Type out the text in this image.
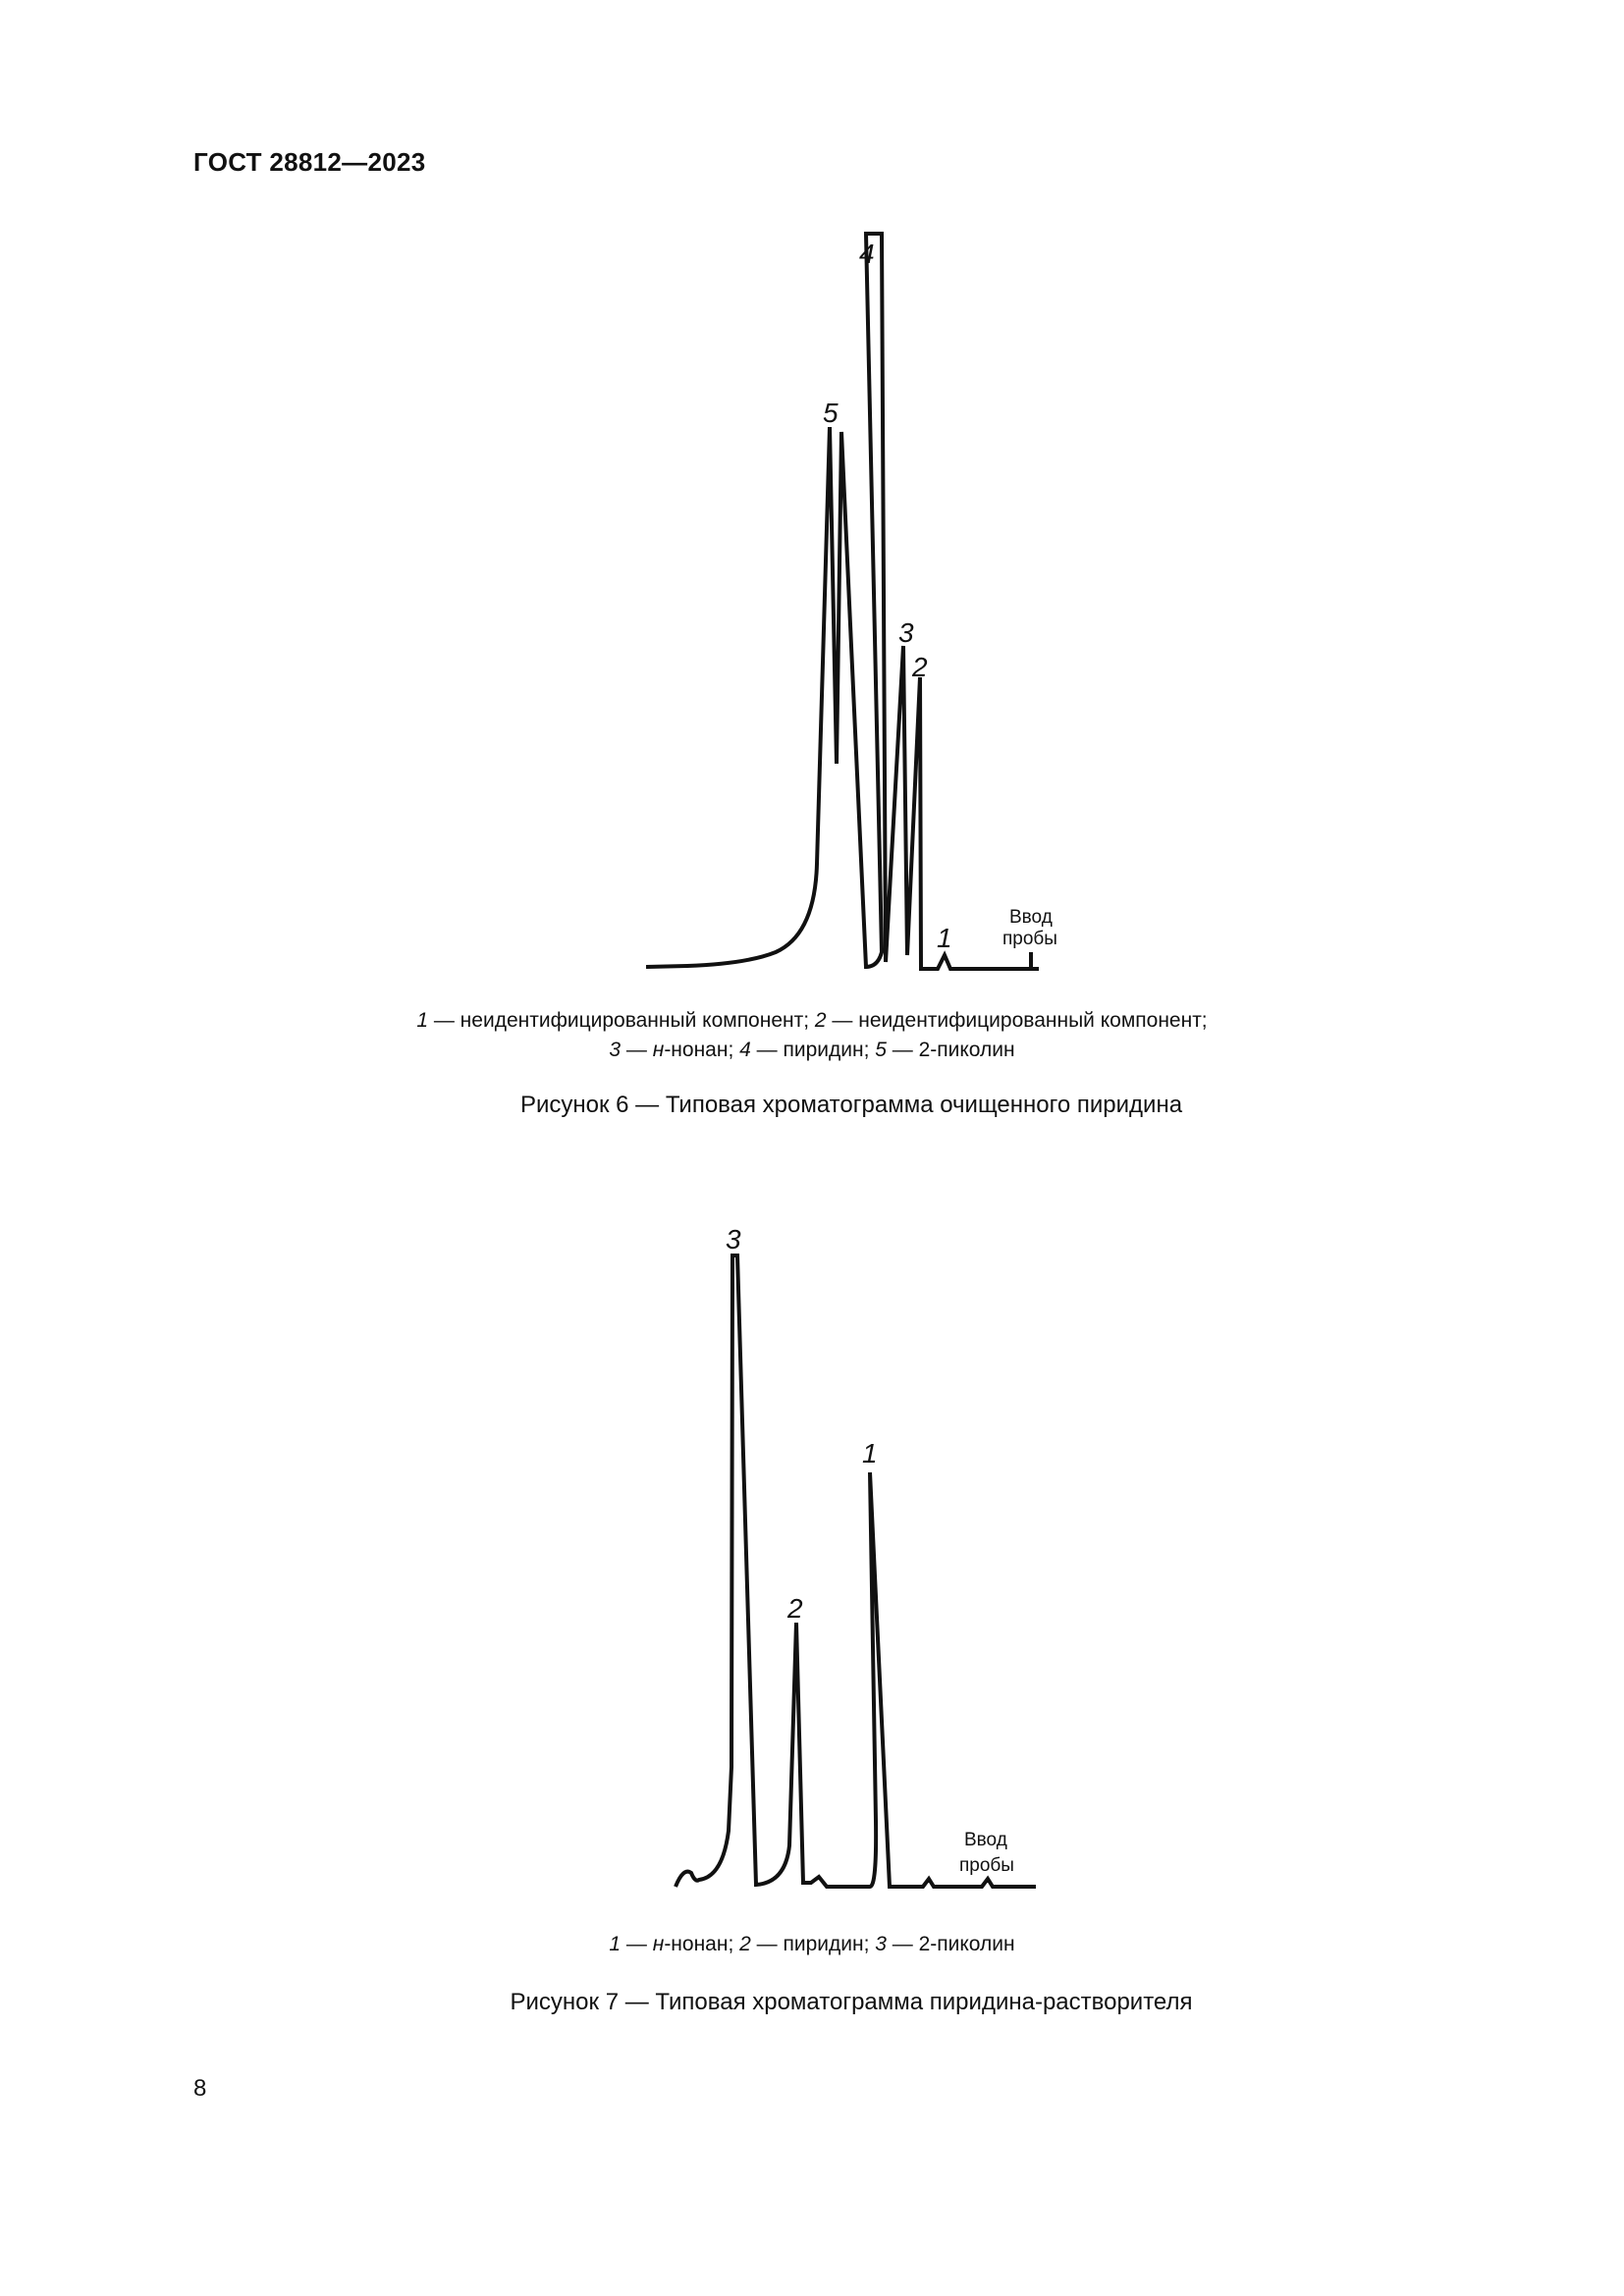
ГОСТ 28812—2023
5
4
3
2
1
Ввод
пробы
1 — неидентифицированный компонент; 2 — неидентифицированный компонент;
3 — н-нонан; 4 — пиридин; 5 — 2-пиколин
Рисунок 6 — Типовая хроматограмма очищенного пиридина
3
2
1
Ввод
пробы
1 — н-нонан; 2 — пиридин; 3 — 2-пиколин
Рисунок 7 — Типовая хроматограмма пиридина-растворителя
8
